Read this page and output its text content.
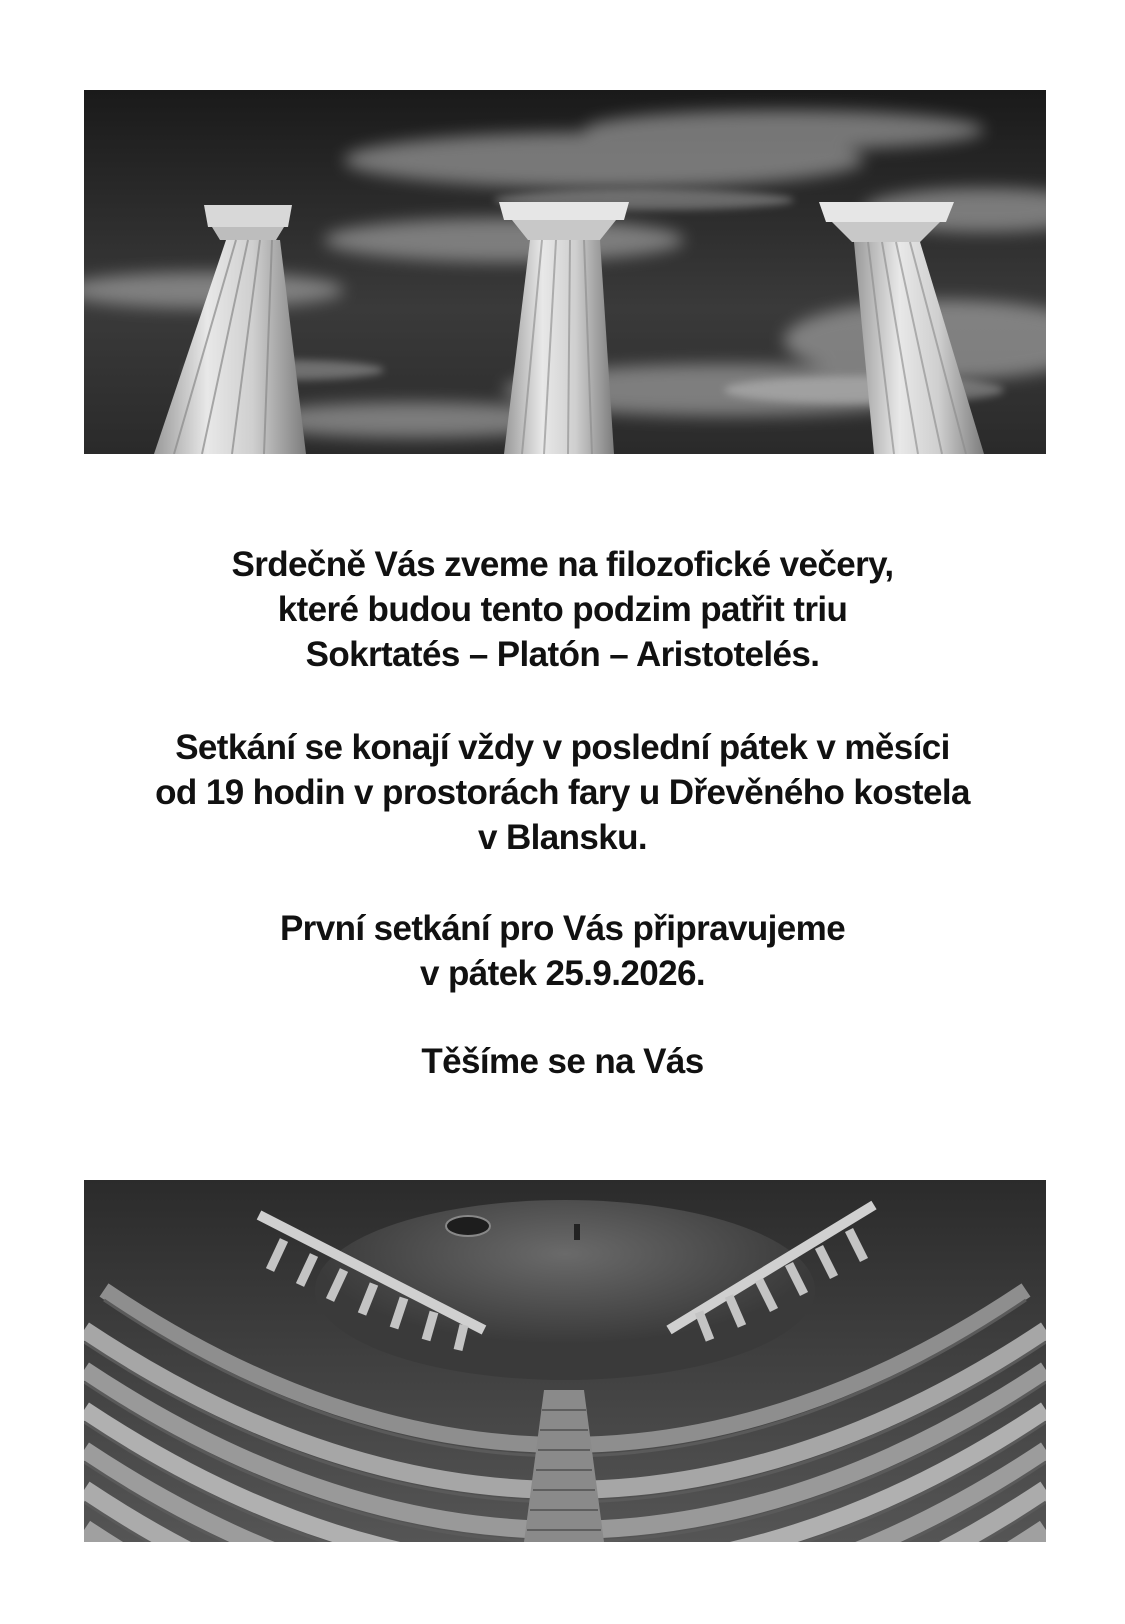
Srdečně Vás zveme na filozofické večery,
které budou tento podzim patřit triu
Sokrtatés – Platón – Aristotelés.
Setkání se konají vždy v poslední pátek v měsíci
od 19 hodin v prostorách fary u Dřevěného kostela
v Blansku.
První setkání pro Vás připravujeme
v pátek 25.9.2026.
Těšíme se na Vás
